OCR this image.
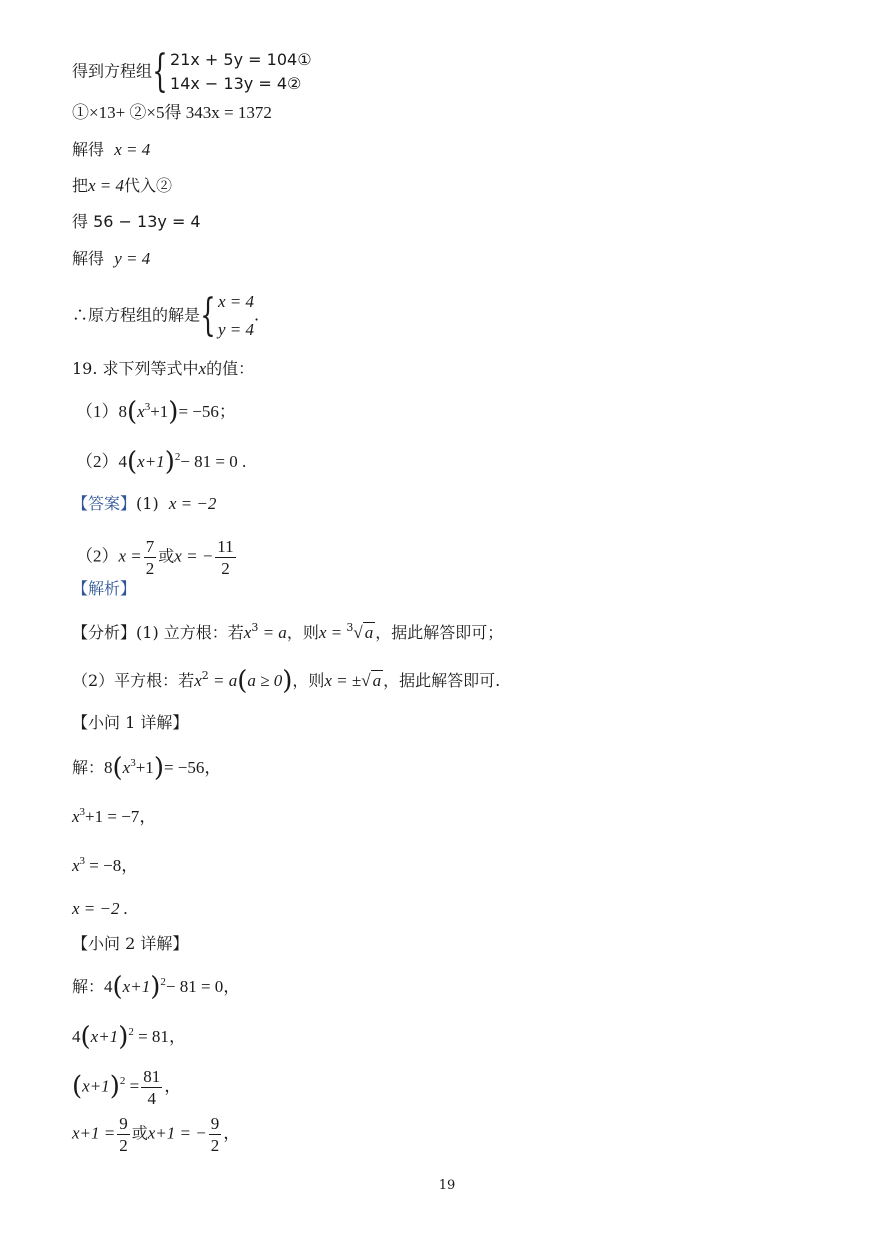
得到方程组{ 21x + 5y = 104①
14x − 13y = 4②
①×13+ ②×5得 343x = 1372
解得 x = 4
把x = 4代入②
得 56 − 13y = 4
解得 y = 4
∴原方程组的解是{ x = 4
y = 4
.
19. 求下列等式中x的值：
$(1)8(x^3+1)= -56$；
$(2)4(x+1)^2- 81 = 0$ .
【答案】(1) x = −2
$(2)x = \frac{7}{2}$ 或x = − $\frac{11}{2}$
【解析】
【分析】(1) 立方根：若$x^3 = a$，则x = $^3$√ a ，据此解答即可；
（2）平方根：若$x^2 = a(a \ge 0)$，则x = ±√ a ，据此解答即可.
【小问 1 详解】
解：$8(x^3+1)= -56$，
$x^3+1 = -7$，
$x^3 = -8$，
x = −2 .
【小问 2 详解】
解：$4(x+1)^2- 81 = 0$，
$4(x+1)^2 = 81$，
$(x+1)^2 = \frac{81}{4}$ ，
$x+1 = \frac{9}{2}$ 或x+1 = − $\frac{9}{2}$ ，
19
